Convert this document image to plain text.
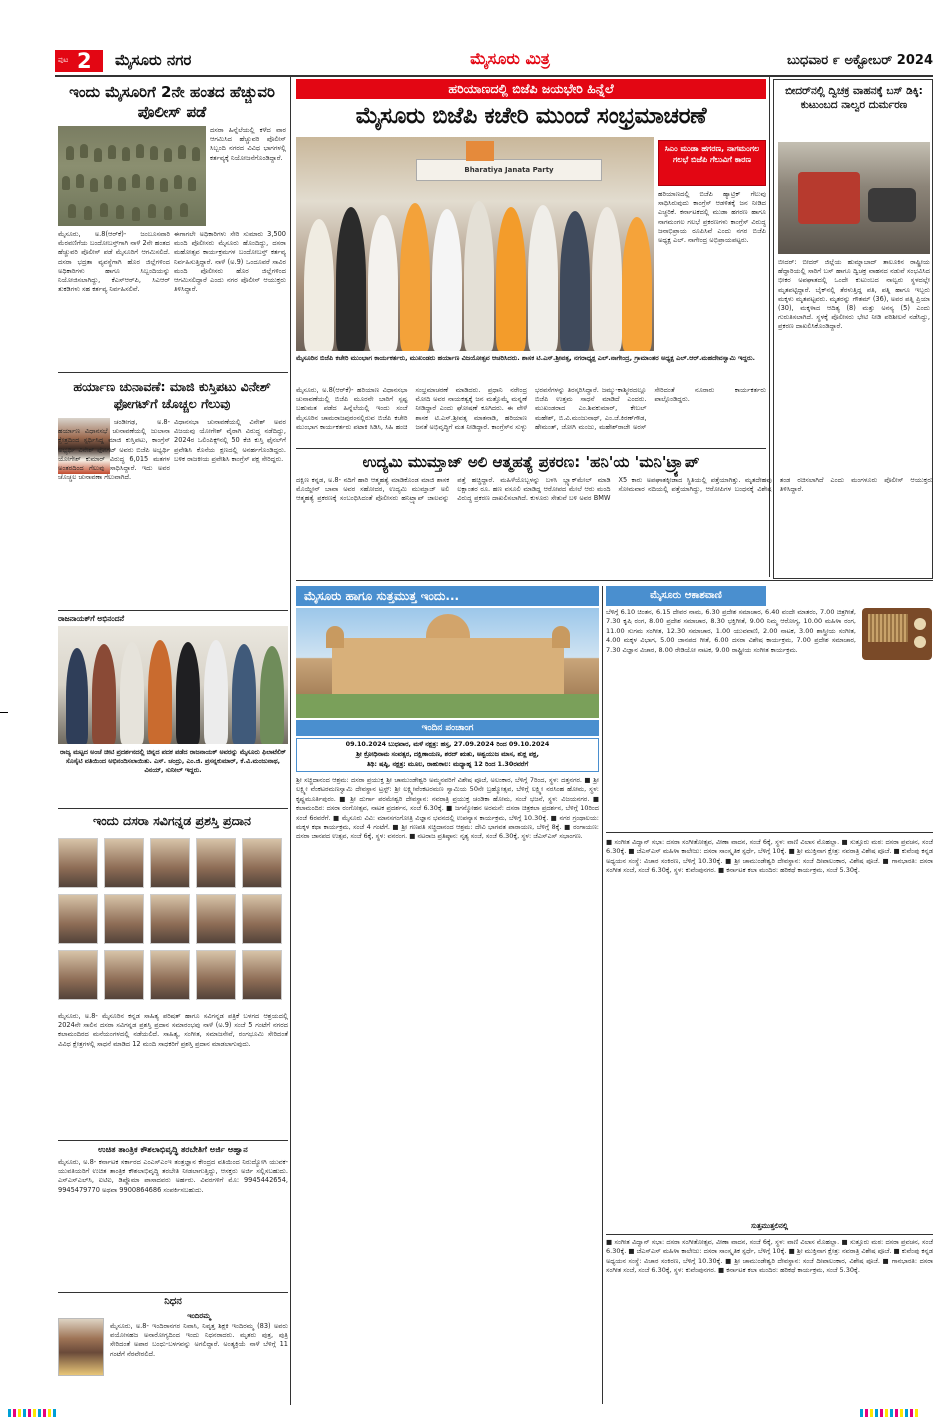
ಪುಟ 2 ಮೈಸೂರು ನಗರ	ಮೈಸೂರು ಮಿತ್ರ	ಬುಧವಾರ ೯ ಅಕ್ಟೋಬರ್ 2024
ಇಂದು ಮೈಸೂರಿಗೆ 2ನೇ ಹಂತದ ಹೆಚ್ಚುವರಿ ಪೊಲೀಸ್ ಪಡೆ

ದಸರಾ ಹಿನ್ನೆಲೆಯಲ್ಲಿ ಕಳೆದ ವಾರ ಆಗಮಿಸಿದ ಹೆಚ್ಚುವರಿ ಪೊಲೀಸ್ ಸಿಬ್ಬಂದಿ ನಗರದ ವಿವಿಧ ಭಾಗಗಳಲ್ಲಿ ಕರ್ತವ್ಯಕ್ಕೆ ನಿಯೋಜನೆಗೊಂಡಿದ್ದಾರೆ.

ಮೈಸೂರು, ಅ.8(ಆರ್‌ಕೆ)- ಜಂಬೂಸವಾರಿ ಮೆರವಣಿಗೆಯ ಬಂದೋಬಸ್ತ್‌ಗಾಗಿ ನಾಳೆ 2ನೇ ಹಂತದ ಹೆಚ್ಚುವರಿ ಪೊಲೀಸ್ ಪಡೆ ಮೈಸೂರಿಗೆ ಆಗಮಿಸಲಿದೆ. ದಸರಾ ಭದ್ರತಾ ವ್ಯವಸ್ಥೆಗಾಗಿ ಹೊರ ಜಿಲ್ಲೆಗಳಿಂದ ಅಧಿಕಾರಿಗಳು ಹಾಗೂ ಸಿಬ್ಬಂದಿಯನ್ನು ನಿಯೋಜಿಸಲಾಗಿದ್ದು, ಕೆಎಸ್‌ಆರ್‌ಪಿ, ಸಿಎಆರ್ ತುಕಡಿಗಳು ಸಹ ಕರ್ತವ್ಯ ನಿರ್ವಹಿಸಲಿವೆ.

ಈಗಾಗಲೇ ಅಧಿಕಾರಿಗಳು ಸೇರಿ ಸುಮಾರು 3,500 ಮಂದಿ ಪೊಲೀಸರು ಮೈಸೂರು ಹೊಂದಿದ್ದು, ದಸರಾ ಮಹೋತ್ಸವ ಕಾರ್ಯಕ್ರಮಗಳ ಬಂದೋಬಸ್ತ್ ಕರ್ತವ್ಯ ನಿರ್ವಹಿಸುತ್ತಿದ್ದಾರೆ. ನಾಳೆ (ಅ.9) ಒಂದೂವರೆ ಸಾವಿರ ಮಂದಿ ಪೊಲೀಸರು ಹೊರ ಜಿಲ್ಲೆಗಳಿಂದ ಆಗಮಿಸಲಿದ್ದಾರೆ ಎಂದು ನಗರ ಪೊಲೀಸ್ ಆಯುಕ್ತರು ತಿಳಿಸಿದ್ದಾರೆ.

ಹರ್ಯಾಣ ಚುನಾವಣೆ: ಮಾಜಿ ಕುಸ್ತಿಪಟು ವಿನೇಶ್ ಫೋಗಟ್‌ಗೆ ಚೊಚ್ಚಲ ಗೆಲುವು

ಚಂಡೀಗಢ, ಅ.8- ಹರ್ಯಾಣ ವಿಧಾನಸಭೆ ಚುನಾವಣೆಯಲ್ಲಿ ಜುಲಾನಾ ಕ್ಷೇತ್ರದಿಂದ ಸ್ಪರ್ಧಿಸಿದ್ದ ಮಾಜಿ ಕುಸ್ತಿಪಟು, ಕಾಂಗ್ರೆಸ್ ಅಭ್ಯರ್ಥಿ ವಿನೇಶ್ ಫೋಗಟ್ ಅವರು ಬಿಜೆಪಿ ಅಭ್ಯರ್ಥಿ ಯೋಗೇಶ್ ಕುಮಾರ್ ವಿರುದ್ಧ 6,015 ಮತಗಳ ಅಂತರದಿಂದ ಗೆಲುವು ಸಾಧಿಸಿದ್ದಾರೆ. ಇದು ಅವರ ಚೊಚ್ಚಲ ಚುನಾವಣಾ ಗೆಲುವಾಗಿದೆ.

ವಿಧಾನಸಭಾ ಚುನಾವಣೆಯಲ್ಲಿ ವಿನೇಶ್ ಅವರ ವಿಜಯವು ಯೋಗೇಶ್ ವೈರಾಗಿ ವಿರುದ್ಧ ನಡೆದಿದ್ದು, 2024ರ ಒಲಿಂಪಿಕ್ಸ್‌ನಲ್ಲಿ 50 ಕೆಜಿ ಕುಸ್ತಿ ಫೈನಲ್‌ಗೆ ಪ್ರವೇಶಿಸಿ ಕೊನೆಯ ಕ್ಷಣದಲ್ಲಿ ಅನರ್ಹಗೊಂಡಿದ್ದರು. ಬಳಿಕ ರಾಜಕೀಯ ಪ್ರವೇಶಿಸಿ ಕಾಂಗ್ರೆಸ್ ಪಕ್ಷ ಸೇರಿದ್ದರು.

ರಾಜನಾಯಕ್‌ಗೆ ಅಭಿನಂದನೆ

ರಾಜ್ಯ ಮಟ್ಟದ ಅಂಚೆ ಚೀಟಿ ಪ್ರದರ್ಶನದಲ್ಲಿ ಚಿನ್ನದ ಪದಕ ಪಡೆದ ರಾಜನಾಯಕ್ ಅವರನ್ನು ಮೈಸೂರು ಫಿಲಾಟೆಲಿಕ್ ಸೊಸೈಟಿ ವತಿಯಿಂದ ಅಭಿನಂದಿಸಲಾಯಿತು. ಎಸ್. ಚಂದ್ರು, ಎಂ.ಜಿ. ಪ್ರಸನ್ನಕುಮಾರ್, ಕೆ.ವಿ.ಮಂಜುನಾಥ, ವಿನಯ್, ಸುನೀಲ್ ಇದ್ದರು.

ಇಂದು ದಸರಾ ಸವಿಗನ್ನಡ ಪ್ರಶಸ್ತಿ ಪ್ರದಾನ

ಮೈಸೂರು, ಅ.8- ಮೈಸೂರಿನ ಕನ್ನಡ ಸಾಹಿತ್ಯ ಪರಿಷತ್ ಹಾಗೂ ಸವಿಗನ್ನಡ ಪತ್ರಿಕೆ ಬಳಗದ ಆಶ್ರಯದಲ್ಲಿ 2024ನೇ ಸಾಲಿನ ದಸರಾ ಸವಿಗನ್ನಡ ಪ್ರಶಸ್ತಿ ಪ್ರದಾನ ಸಮಾರಂಭವು ನಾಳೆ (ಅ.9) ಸಂಜೆ 5 ಗಂಟೆಗೆ ನಗರದ ಕಲಾಮಂದಿರದ ಮನೆಯಂಗಳದಲ್ಲಿ ನಡೆಯಲಿದೆ. ಸಾಹಿತ್ಯ, ಸಂಗೀತ, ಸಮಾಜಸೇವೆ, ರಂಗಭೂಮಿ ಸೇರಿದಂತೆ ವಿವಿಧ ಕ್ಷೇತ್ರಗಳಲ್ಲಿ ಸಾಧನೆ ಮಾಡಿದ 12 ಮಂದಿ ಸಾಧಕರಿಗೆ ಪ್ರಶಸ್ತಿ ಪ್ರದಾನ ಮಾಡಲಾಗುವುದು.

ಉಚಿತ ತಾಂತ್ರಿಕ ಕೌಶಲಾಭಿವೃದ್ಧಿ ತರಬೇತಿಗೆ ಅರ್ಜಿ ಆಹ್ವಾನ

ಮೈಸೂರು, ಅ.8- ಕರ್ನಾಟಕ ಸರ್ಕಾರದ ಎಂಎಸ್‌ಎಂಇ ತಂತ್ರಜ್ಞಾನ ಕೇಂದ್ರದ ವತಿಯಿಂದ ನಿರುದ್ಯೋಗಿ ಯುವಕ-ಯುವತಿಯರಿಗೆ ಉಚಿತ ತಾಂತ್ರಿಕ ಕೌಶಲಾಭಿವೃದ್ಧಿ ತರಬೇತಿ ನೀಡಲಾಗುತ್ತಿದ್ದು, ಆಸಕ್ತರು ಅರ್ಜಿ ಸಲ್ಲಿಸಬಹುದು. ಎಸ್‌ಎಸ್‌ಎಲ್‌ಸಿ, ಐಟಿಐ, ಡಿಪ್ಲೊಮಾ ಪಾಸಾದವರು ಅರ್ಹರು. ವಿವರಗಳಿಗೆ ಮೊ: 9945442654, 9945479770 ಅಥವಾ 9900864686 ಸಂಪರ್ಕಿಸಬಹುದು.

ನಿಧನ
ಇಂದಿರಮ್ಮ

ಮೈಸೂರು, ಅ.8- ಇಂದಿರಾನಗರ ನಿವಾಸಿ, ನಿವೃತ್ತ ಶಿಕ್ಷಕಿ ಇಂದಿರಮ್ಮ (83) ಅವರು ವಯೋಸಹಜ ಅನಾರೋಗ್ಯದಿಂದ ಇಂದು ನಿಧನರಾದರು. ಮೃತರು ಪುತ್ರ, ಪುತ್ರಿ ಸೇರಿದಂತೆ ಅಪಾರ ಬಂಧು-ಬಳಗವನ್ನು ಅಗಲಿದ್ದಾರೆ. ಅಂತ್ಯಕ್ರಿಯೆ ನಾಳೆ ಬೆಳಿಗ್ಗೆ 11 ಗಂಟೆಗೆ ನೆರವೇರಲಿದೆ.

ಹರಿಯಾಣದಲ್ಲಿ ಬಿಜೆಪಿ ಜಯಭೇರಿ ಹಿನ್ನೆಲೆ
ಮೈಸೂರು ಬಿಜೆಪಿ ಕಚೇರಿ ಮುಂದೆ ಸಂಭ್ರಮಾಚರಣೆ
Bharatiya Janata Party

ಮೈಸೂರಿನ ಬಿಜೆಪಿ ಕಚೇರಿ ಮುಂಭಾಗ ಕಾರ್ಯಕರ್ತರು, ಮುಖಂಡರು ಹರ್ಯಾಣ ವಿಜಯೋತ್ಸವ ಆಚರಿಸಿದರು. ಶಾಸಕ ಟಿ.ಎಸ್.ಶ್ರೀವತ್ಸ, ನಗರಾಧ್ಯಕ್ಷ ಎಲ್.ನಾಗೇಂದ್ರ, ಗ್ರಾಮಾಂತರ ಅಧ್ಯಕ್ಷ ಎಲ್.ಆರ್.ಮಹದೇವಸ್ವಾಮಿ ಇದ್ದರು.

ಸಿಎಂ ಮುಡಾ ಹಗರಣ, ನಾಗಮಂಗಲ ಗಲಭೆ ಬಿಜೆಪಿ ಗೆಲುವಿಗೆ ಕಾರಣ

ಹರಿಯಾಣದಲ್ಲಿ ಬಿಜೆಪಿ ಹ್ಯಾಟ್ರಿಕ್ ಗೆಲುವು ಸಾಧಿಸಿರುವುದು ಕಾಂಗ್ರೆಸ್ ಆಡಳಿತಕ್ಕೆ ಜನ ನೀಡಿದ ಎಚ್ಚರಿಕೆ. ಕರ್ನಾಟಕದಲ್ಲಿ ಮುಡಾ ಹಗರಣ ಹಾಗೂ ನಾಗಮಂಗಲ ಗಲಭೆ ಪ್ರಕರಣಗಳು ಕಾಂಗ್ರೆಸ್ ವಿರುದ್ಧ ಜನಾಭಿಪ್ರಾಯ ರೂಪಿಸಿವೆ ಎಂದು ನಗರ ಬಿಜೆಪಿ ಅಧ್ಯಕ್ಷ ಎಲ್. ನಾಗೇಂದ್ರ ಅಭಿಪ್ರಾಯಪಟ್ಟರು.

ಮೈಸೂರು, ಅ.8(ಆರ್‌ಕೆ)- ಹರಿಯಾಣ ವಿಧಾನಸಭಾ ಚುನಾವಣೆಯಲ್ಲಿ ಬಿಜೆಪಿ ಮೂರನೇ ಬಾರಿಗೆ ಸ್ಪಷ್ಟ ಬಹುಮತ ಪಡೆದ ಹಿನ್ನೆಲೆಯಲ್ಲಿ ಇಂದು ಸಂಜೆ ಮೈಸೂರಿನ ಚಾಮರಾಜಪುರಂನಲ್ಲಿರುವ ಬಿಜೆಪಿ ಕಚೇರಿ ಮುಂಭಾಗ ಕಾರ್ಯಕರ್ತರು ಪಟಾಕಿ ಸಿಡಿಸಿ, ಸಿಹಿ ಹಂಚಿ ಸಂಭ್ರಮಾಚರಣೆ ಮಾಡಿದರು. ಪ್ರಧಾನಿ ನರೇಂದ್ರ ಮೋದಿ ಅವರ ನಾಯಕತ್ವಕ್ಕೆ ಜನ ಮತ್ತೊಮ್ಮೆ ಮನ್ನಣೆ ನೀಡಿದ್ದಾರೆ ಎಂದು ಘೋಷಣೆ ಕೂಗಿದರು. ಈ ವೇಳೆ ಶಾಸಕ ಟಿ.ಎಸ್.ಶ್ರೀವತ್ಸ ಮಾತನಾಡಿ, ಹರಿಯಾಣ ಜನತೆ ಅಭಿವೃದ್ಧಿಗೆ ಮತ ನೀಡಿದ್ದಾರೆ. ಕಾಂಗ್ರೆಸ್‌ನ ಸುಳ್ಳು ಭರವಸೆಗಳನ್ನು ತಿರಸ್ಕರಿಸಿದ್ದಾರೆ. ಜಮ್ಮು-ಕಾಶ್ಮೀರದಲ್ಲೂ ಬಿಜೆಪಿ ಉತ್ತಮ ಸಾಧನೆ ಮಾಡಿದೆ ಎಂದರು. ಮುಖಂಡರಾದ ಎಂ.ಶಿವಕುಮಾರ್, ಕೇಬಲ್ ಮಹೇಶ್, ಬಿ.ವಿ.ಮಂಜುನಾಥ್, ಎಂ.ಜೆ.ಕಿರಣ್‌ಗೌಡ, ಹೇಮಂತ್, ಜೋಗಿ ಮಂಜು, ಮಹೇಶ್‌ರಾಜೇ ಅರಸ್ ಸೇರಿದಂತೆ ನೂರಾರು ಕಾರ್ಯಕರ್ತರು ಪಾಲ್ಗೊಂಡಿದ್ದರು.

ಬೀದರ್‌ನಲ್ಲಿ ದ್ವಿಚಕ್ರ ವಾಹನಕ್ಕೆ ಬಸ್ ಡಿಕ್ಕಿ: ಕುಟುಂಬದ ನಾಲ್ವರ ದುರ್ಮರಣ

ಬೀದರ್: ಬೀದರ್ ಜಿಲ್ಲೆಯ ಹುಮ್ನಾಬಾದ್ ತಾಲೂಕಿನ ರಾಷ್ಟ್ರೀಯ ಹೆದ್ದಾರಿಯಲ್ಲಿ ಸಾರಿಗೆ ಬಸ್ ಹಾಗೂ ದ್ವಿಚಕ್ರ ವಾಹನದ ನಡುವೆ ಸಂಭವಿಸಿದ ಭೀಕರ ಅಪಘಾತದಲ್ಲಿ ಒಂದೇ ಕುಟುಂಬದ ನಾಲ್ವರು ಸ್ಥಳದಲ್ಲೇ ಮೃತಪಟ್ಟಿದ್ದಾರೆ. ಬೈಕ್‌ನಲ್ಲಿ ತೆರಳುತ್ತಿದ್ದ ಪತಿ, ಪತ್ನಿ ಹಾಗೂ ಇಬ್ಬರು ಮಕ್ಕಳು ಮೃತಪಟ್ಟವರು. ಮೃತರನ್ನು ಗೌತಮ್ (36), ಅವರ ಪತ್ನಿ ಪ್ರಿಯಾ (30), ಮಕ್ಕಳಾದ ಆದಿತ್ಯ (8) ಮತ್ತು ಅನನ್ಯ (5) ಎಂದು ಗುರುತಿಸಲಾಗಿದೆ. ಸ್ಥಳಕ್ಕೆ ಪೊಲೀಸರು ಭೇಟಿ ನೀಡಿ ಪರಿಶೀಲನೆ ನಡೆಸಿದ್ದು, ಪ್ರಕರಣ ದಾಖಲಿಸಿಕೊಂಡಿದ್ದಾರೆ.

ಉದ್ಯಮಿ ಮುಮ್ತಾಜ್ ಅಲಿ ಆತ್ಮಹತ್ಯೆ ಪ್ರಕರಣ: 'ಹನಿ'ಯ 'ಮನಿ'ಟ್ರ್ಯಾಪ್

ದಕ್ಷಿಣ ಕನ್ನಡ, ಅ.8- ನದಿಗೆ ಹಾರಿ ಆತ್ಮಹತ್ಯೆ ಮಾಡಿಕೊಂಡ ಮಾಜಿ ಶಾಸಕ ಮೊಯ್ದೀನ್ ಬಾವಾ ಅವರ ಸಹೋದರ, ಉದ್ಯಮಿ ಮುಮ್ತಾಜ್ ಅಲಿ ಆತ್ಮಹತ್ಯೆ ಪ್ರಕರಣಕ್ಕೆ ಸಂಬಂಧಿಸಿದಂತೆ ಪೊಲೀಸರು ಹನಿಟ್ರ್ಯಾಪ್ ಜಾಲವನ್ನು ಪತ್ತೆ ಹಚ್ಚಿದ್ದಾರೆ. ಮಹಿಳೆಯೊಬ್ಬಳನ್ನು ಬಳಸಿ ಬ್ಲ್ಯಾಕ್‌ಮೇಲ್ ಮಾಡಿ ಲಕ್ಷಾಂತರ ರೂ. ಹಣ ವಸೂಲಿ ಮಾಡಿದ್ದ ಆರೋಪದ ಮೇಲೆ ಆರು ಮಂದಿ ವಿರುದ್ಧ ಪ್ರಕರಣ ದಾಖಲಿಸಲಾಗಿದೆ. ಕುಳೂರು ಸೇತುವೆ ಬಳಿ ಅವರ BMW X5 ಕಾರು ಅಪಘಾತಕ್ಕೀಡಾದ ಸ್ಥಿತಿಯಲ್ಲಿ ಪತ್ತೆಯಾಗಿತ್ತು. ಮೃತದೇಹವು ಸೋಮವಾರ ನದಿಯಲ್ಲಿ ಪತ್ತೆಯಾಗಿದ್ದು, ಆರೋಪಿಗಳ ಬಂಧನಕ್ಕೆ ವಿಶೇಷ ತಂಡ ರಚಿಸಲಾಗಿದೆ ಎಂದು ಮಂಗಳೂರು ಪೊಲೀಸ್ ಆಯುಕ್ತರು ತಿಳಿಸಿದ್ದಾರೆ.

ಮೈಸೂರು ಹಾಗೂ ಸುತ್ತಮುತ್ತ ಇಂದು...
ಇಂದಿನ ಪಂಚಾಂಗ
09.10.2024 ಬುಧವಾರ, ಮಳೆ ನಕ್ಷತ್ರ: ಹಸ್ತ, 27.09.2024 ರಿಂದ 09.10.2024
ಶ್ರೀ ಕ್ರೋಧಿನಾಮ ಸಂವತ್ಸರ, ದಕ್ಷಿಣಾಯಣ, ಶರದ್ ಋತು, ಅಶ್ವಯುಜ ಮಾಸ, ಶುಕ್ಲ ಪಕ್ಷ,
ತಿಥಿ: ಷಷ್ಠಿ, ನಕ್ಷತ್ರ: ಮೂಲ, ರಾಹುಕಾಲ: ಮಧ್ಯಾಹ್ನ 12 ರಿಂದ 1.30ರವರೆಗೆ

ಶ್ರೀ ಸಚ್ಚಿದಾನಂದ ಆಶ್ರಮ: ದಸರಾ ಪ್ರಯುಕ್ತ ಶ್ರೀ ಚಾಮುಂಡೇಶ್ವರಿ ಅಮ್ಮನವರಿಗೆ ವಿಶೇಷ ಪೂಜೆ, ಅಲಂಕಾರ, ಬೆಳಿಗ್ಗೆ 7ರಿಂದ, ಸ್ಥಳ: ದತ್ತನಗರ. ■ ಶ್ರೀ ಲಕ್ಷ್ಮೀ ವೆಂಕಟರಮಣಸ್ವಾಮಿ ದೇವಸ್ಥಾನ ಟ್ರಸ್ಟ್: ಶ್ರೀ ಲಕ್ಷ್ಮೀವೆಂಕಟರಮಣ ಸ್ವಾಮಿಯ 50ನೇ ಬ್ರಹ್ಮೋತ್ಸವ, ಬೆಳಿಗ್ಗೆ ಲಕ್ಷ್ಮೀ ನರಸಿಂಹ ಹೋಮ, ಸ್ಥಳ: ಕೃಷ್ಣಮೂರ್ತಿಪುರಂ. ■ ಶ್ರೀ ದುರ್ಗಾ ಪರಮೇಶ್ವರಿ ದೇವಸ್ಥಾನ: ನವರಾತ್ರಿ ಪ್ರಯುಕ್ತ ಚಂಡಿಕಾ ಹೋಮ, ಸಂಜೆ ಭಜನೆ, ಸ್ಥಳ: ವಿಜಯನಗರ. ■ ಕಲಾಮಂದಿರ: ದಸರಾ ರಂಗೋತ್ಸವ, ನಾಟಕ ಪ್ರದರ್ಶನ, ಸಂಜೆ 6.30ಕ್ಕೆ. ■ ಜಗನ್ಮೋಹನ ಅರಮನೆ: ದಸರಾ ಚಿತ್ರಕಲಾ ಪ್ರದರ್ಶನ, ಬೆಳಿಗ್ಗೆ 10ರಿಂದ ಸಂಜೆ 6ರವರೆಗೆ. ■ ಮೈಸೂರು ವಿವಿ: ಮಾನಸಗಂಗೋತ್ರಿ ವಿಜ್ಞಾನ ಭವನದಲ್ಲಿ ಉಪನ್ಯಾಸ ಕಾರ್ಯಕ್ರಮ, ಬೆಳಿಗ್ಗೆ 10.30ಕ್ಕೆ. ■ ನಗರ ಗ್ರಂಥಾಲಯ: ಮಕ್ಕಳ ಕಥಾ ಕಾರ್ಯಕ್ರಮ, ಸಂಜೆ 4 ಗಂಟೆಗೆ. ■ ಶ್ರೀ ಗಣಪತಿ ಸಚ್ಚಿದಾನಂದ ಆಶ್ರಮ: ದೇವಿ ಭಾಗವತ ಪಾರಾಯಣ, ಬೆಳಿಗ್ಗೆ 8ಕ್ಕೆ. ■ ರಂಗಾಯಣ: ದಸರಾ ಜಾನಪದ ಉತ್ಸವ, ಸಂಜೆ 6ಕ್ಕೆ, ಸ್ಥಳ: ವನರಂಗ. ■ ನಟರಾಜ ಪ್ರತಿಷ್ಠಾನ: ನೃತ್ಯ ಸಂಜೆ, ಸಂಜೆ 6.30ಕ್ಕೆ, ಸ್ಥಳ: ಜೆಎಸ್‌ಎಸ್ ಸಭಾಂಗಣ.

ಮೈಸೂರು ಆಕಾಶವಾಣಿ

ಬೆಳಿಗ್ಗೆ 6.10 ಚಿಂತನ, 6.15 ದೇವರ ನಾಮ, 6.30 ಪ್ರದೇಶ ಸಮಾಚಾರ, 6.40 ವಂದೇ ಮಾತರಂ, 7.00 ಚಿತ್ರಗೀತೆ, 7.30 ಕೃಷಿ ರಂಗ, 8.00 ಪ್ರದೇಶ ಸಮಾಚಾರ, 8.30 ಭಕ್ತಿಗೀತೆ, 9.00 ನಿಮ್ಮ ಆರೋಗ್ಯ, 10.00 ಮಹಿಳಾ ರಂಗ, 11.00 ಸುಗಮ ಸಂಗೀತ, 12.30 ಸಮಾಚಾರ, 1.00 ಯುವವಾಣಿ, 2.00 ನಾಟಕ, 3.00 ಶಾಸ್ತ್ರೀಯ ಸಂಗೀತ, 4.00 ಮಕ್ಕಳ ವಿಭಾಗ, 5.00 ಜಾನಪದ ಗೀತೆ, 6.00 ದಸರಾ ವಿಶೇಷ ಕಾರ್ಯಕ್ರಮ, 7.00 ಪ್ರದೇಶ ಸಮಾಚಾರ, 7.30 ವಿಜ್ಞಾನ ವಿಚಾರ, 8.00 ರೇಡಿಯೋ ನಾಟಕ, 9.00 ರಾಷ್ಟ್ರೀಯ ಸಂಗೀತ ಕಾರ್ಯಕ್ರಮ.

■ ಸಂಗೀತ ವಿದ್ವಾನ್ ಸಭಾ: ದಸರಾ ಸಂಗೀತೋತ್ಸವ, ವೀಣಾ ವಾದನ, ಸಂಜೆ 6ಕ್ಕೆ, ಸ್ಥಳ: ವಾಣಿ ವಿಲಾಸ ಮೊಹಲ್ಲಾ. ■ ಸುತ್ತೂರು ಮಠ: ದಸರಾ ಪ್ರವಚನ, ಸಂಜೆ 6.30ಕ್ಕೆ. ■ ಜೆಎಸ್‌ಎಸ್ ಮಹಿಳಾ ಕಾಲೇಜು: ದಸರಾ ಸಾಂಸ್ಕೃತಿಕ ಸ್ಪರ್ಧೆ, ಬೆಳಿಗ್ಗೆ 10ಕ್ಕೆ. ■ ಶ್ರೀ ಮುಕ್ತಿನಾಗ ಕ್ಷೇತ್ರ: ನವರಾತ್ರಿ ವಿಶೇಷ ಪೂಜೆ. ■ ಕುವೆಂಪು ಕನ್ನಡ ಅಧ್ಯಯನ ಸಂಸ್ಥೆ: ವಿಚಾರ ಸಂಕಿರಣ, ಬೆಳಿಗ್ಗೆ 10.30ಕ್ಕೆ. ■ ಶ್ರೀ ಚಾಮುಂಡೇಶ್ವರಿ ದೇವಸ್ಥಾನ: ಸಂಜೆ ದೀಪಾಲಂಕಾರ, ವಿಶೇಷ ಪೂಜೆ. ■ ಗಾನಭಾರತಿ: ದಸರಾ ಸಂಗೀತ ಸಂಜೆ, ಸಂಜೆ 6.30ಕ್ಕೆ, ಸ್ಥಳ: ಕುವೆಂಪುನಗರ. ■ ಕರ್ನಾಟಕ ಕಲಾ ಮಂದಿರ: ಹರಿಕಥೆ ಕಾರ್ಯಕ್ರಮ, ಸಂಜೆ 5.30ಕ್ಕೆ.

ಸುತ್ತಮುತ್ತಲಿನಲ್ಲಿ

■ ಸಂಗೀತ ವಿದ್ವಾನ್ ಸಭಾ: ದಸರಾ ಸಂಗೀತೋತ್ಸವ, ವೀಣಾ ವಾದನ, ಸಂಜೆ 6ಕ್ಕೆ, ಸ್ಥಳ: ವಾಣಿ ವಿಲಾಸ ಮೊಹಲ್ಲಾ. ■ ಸುತ್ತೂರು ಮಠ: ದಸರಾ ಪ್ರವಚನ, ಸಂಜೆ 6.30ಕ್ಕೆ. ■ ಜೆಎಸ್‌ಎಸ್ ಮಹಿಳಾ ಕಾಲೇಜು: ದಸರಾ ಸಾಂಸ್ಕೃತಿಕ ಸ್ಪರ್ಧೆ, ಬೆಳಿಗ್ಗೆ 10ಕ್ಕೆ. ■ ಶ್ರೀ ಮುಕ್ತಿನಾಗ ಕ್ಷೇತ್ರ: ನವರಾತ್ರಿ ವಿಶೇಷ ಪೂಜೆ. ■ ಕುವೆಂಪು ಕನ್ನಡ ಅಧ್ಯಯನ ಸಂಸ್ಥೆ: ವಿಚಾರ ಸಂಕಿರಣ, ಬೆಳಿಗ್ಗೆ 10.30ಕ್ಕೆ. ■ ಶ್ರೀ ಚಾಮುಂಡೇಶ್ವರಿ ದೇವಸ್ಥಾನ: ಸಂಜೆ ದೀಪಾಲಂಕಾರ, ವಿಶೇಷ ಪೂಜೆ. ■ ಗಾನಭಾರತಿ: ದಸರಾ ಸಂಗೀತ ಸಂಜೆ, ಸಂಜೆ 6.30ಕ್ಕೆ, ಸ್ಥಳ: ಕುವೆಂಪುನಗರ. ■ ಕರ್ನಾಟಕ ಕಲಾ ಮಂದಿರ: ಹರಿಕಥೆ ಕಾರ್ಯಕ್ರಮ, ಸಂಜೆ 5.30ಕ್ಕೆ.
